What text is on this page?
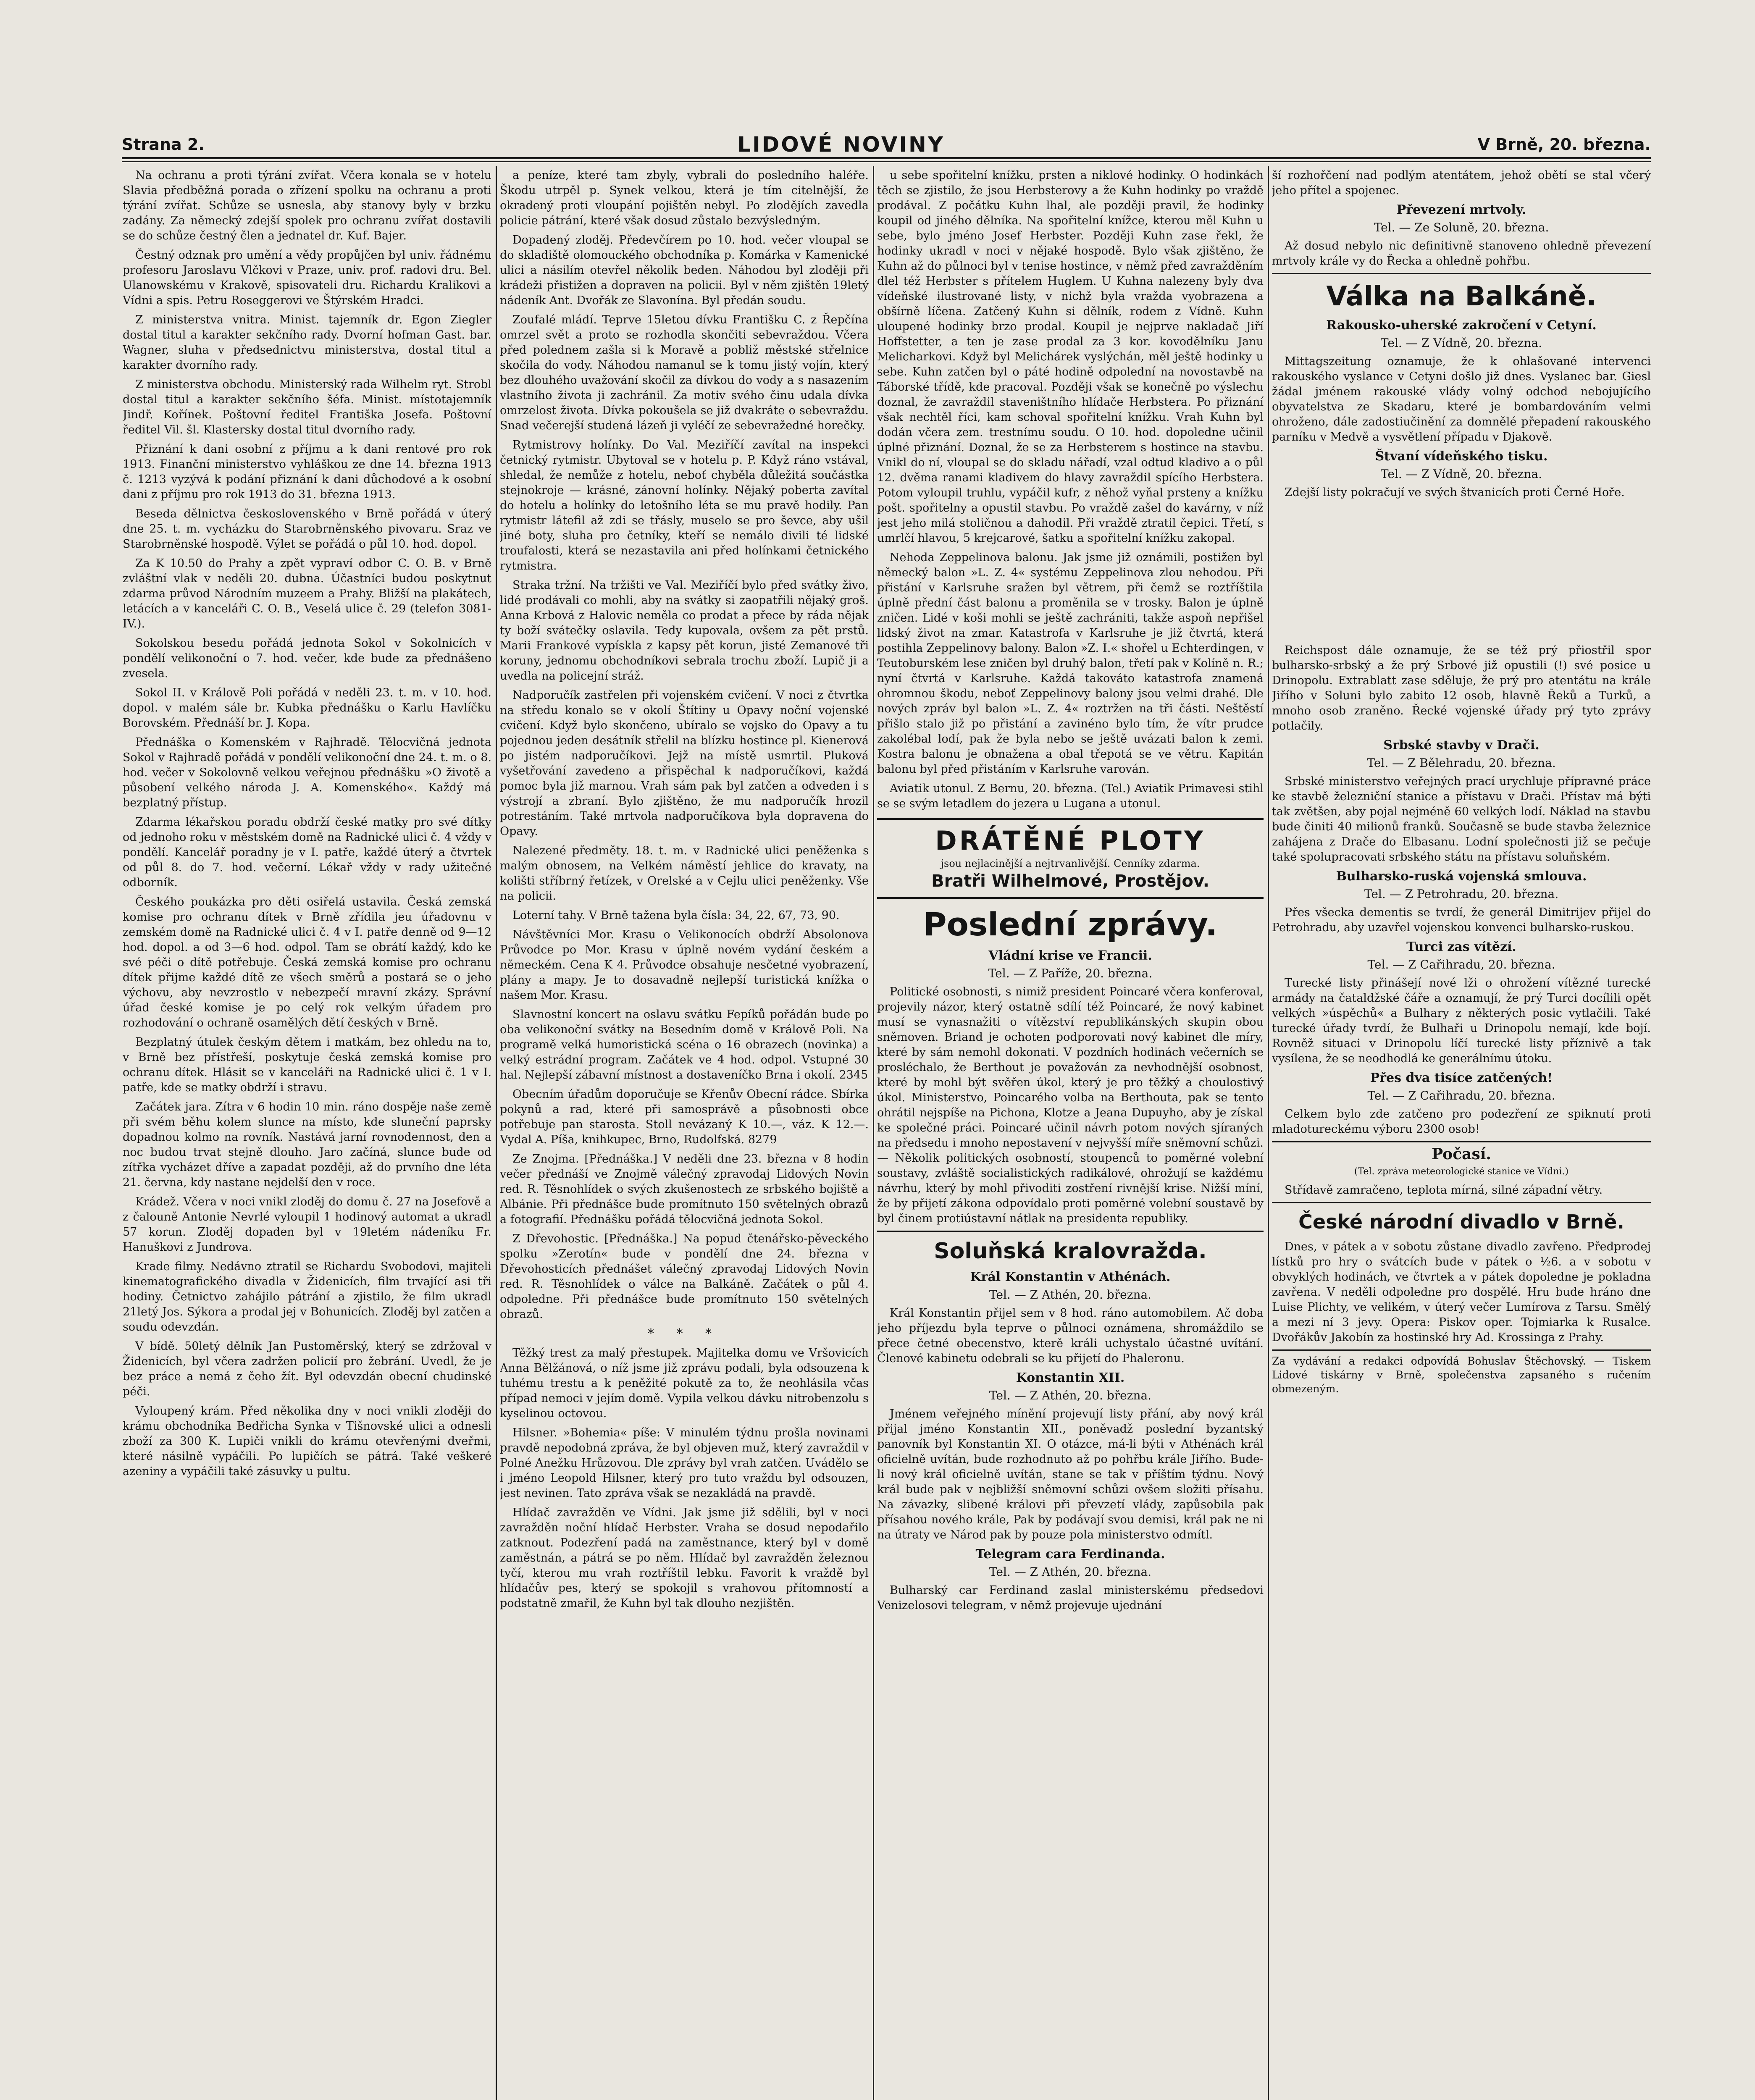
Strana 2.	LIDOVÉ NOVINY	V Brně, 20. března.

Na ochranu a proti týrání zvířat. Včera konala se v hotelu Slavia předběžná porada o zřízení spolku na ochranu a proti týrání zvířat. Schůze se usnesla, aby stanovy byly v brzku zadány. Za německý zdejší spolek pro ochranu zvířat dostavili se do schůze čestný člen a jednatel dr. Kuf. Bajer.

Čestný odznak pro umění a vědy propůjčen byl univ. řádnému profesoru Jaroslavu Vlčkovi v Praze, univ. prof. radovi dru. Bel. Ulanowskému v Krakově, spisovateli dru. Richardu Kralikovi a Vídni a spis. Petru Roseggerovi ve Štýrském Hradci.

Z ministerstva vnitra. Minist. tajemník dr. Egon Ziegler dostal titul a karakter sekčního rady. Dvorní hofman Gast. bar. Wagner, sluha v předsednictvu ministerstva, dostal titul a karakter dvorního rady.

Z ministerstva obchodu. Ministerský rada Wilhelm ryt. Strobl dostal titul a karakter sekčního šéfa. Minist. místotajemník Jindř. Kořínek. Poštovní ředitel Františka Josefa. Poštovní ředitel Vil. šl. Klastersky dostal titul dvorního rady.

Přiznání k dani osobní z příjmu a k dani rentové pro rok 1913. Finanční ministerstvo vyhláškou ze dne 14. března 1913 č. 1213 vyzývá k podání přiznání k dani důchodové a k osobní dani z příjmu pro rok 1913 do 31. března 1913.

Beseda dělnictva československého v Brně pořádá v úterý dne 25. t. m. vycházku do Starobrněnského pivovaru. Sraz ve Starobrněnské hospodě. Výlet se pořádá o půl 10. hod. dopol.

Za K 10.50 do Prahy a zpět vypraví odbor C. O. B. v Brně zvláštní vlak v neděli 20. dubna. Účastníci budou poskytnut zdarma průvod Národním muzeem a Prahy. Bližší na plakátech, letácích a v kanceláři C. O. B., Veselá ulice č. 29 (telefon 3081-IV.).

Sokolskou besedu pořádá jednota Sokol v Sokolnicích v pondělí velikonoční o 7. hod. večer, kde bude za přednášeno zvesela.

Sokol II. v Králově Poli pořádá v neděli 23. t. m. v 10. hod. dopol. v malém sále br. Kubka přednášku o Karlu Havlíčku Borovském. Přednáší br. J. Kopa.

Přednáška o Komenském v Rajhradě. Tělocvičná jednota Sokol v Rajhradě pořádá v pondělí velikonoční dne 24. t. m. o 8. hod. večer v Sokolovně velkou veřejnou přednášku »O životě a působení velkého národa J. A. Komenského«. Každý má bezplatný přístup.

Zdarma lékařskou poradu obdrží české matky pro své dítky od jednoho roku v městském domě na Radnické ulici č. 4 vždy v pondělí. Kancelář poradny je v I. patře, každé úterý a čtvrtek od půl 8. do 7. hod. večerní. Lékař vždy v rady užitečné odborník.

Českého poukázka pro děti osiřelá ustavila. Česká zemská komise pro ochranu dítek v Brně zřídila jeu úřadovnu v zemském domě na Radnické ulici č. 4 v I. patře denně od 9—12 hod. dopol. a od 3—6 hod. odpol. Tam se obrátí každý, kdo ke své péči o dítě potřebuje. Česká zemská komise pro ochranu dítek přijme každé dítě ze všech směrů a postará se o jeho výchovu, aby nevzrostlo v nebezpečí mravní zkázy. Správní úřad české komise je po celý rok velkým úřadem pro rozhodování o ochraně osamělých dětí českých v Brně.

Bezplatný útulek českým dětem i matkám, bez ohledu na to, v Brně bez přístřeší, poskytuje česká zemská komise pro ochranu dítek. Hlásit se v kanceláři na Radnické ulici č. 1 v I. patře, kde se matky obdrží i stravu.

Začátek jara. Zítra v 6 hodin 10 min. ráno dospěje naše země při svém běhu kolem slunce na místo, kde sluneční paprsky dopadnou kolmo na rovník. Nastává jarní rovnodennost, den a noc budou trvat stejně dlouho. Jaro začíná, slunce bude od zítřka vycházet dříve a zapadat později, až do prvního dne léta 21. června, kdy nastane nejdelší den v roce.

Krádež. Včera v noci vnikl zloděj do domu č. 27 na Josefově a z čalouně Antonie Nevrlé vyloupil 1 hodinový automat a ukradl 57 korun. Zloděj dopaden byl v 19letém nádeníku Fr. Hanuškovi z Jundrova.

Krade filmy. Nedávno ztratil se Richardu Svobodovi, majiteli kinematografického divadla v Židenicích, film trvající asi tři hodiny. Četnictvo zahájilo pátrání a zjistilo, že film ukradl 21letý Jos. Sýkora a prodal jej v Bohunicích. Zloděj byl zatčen a soudu odevzdán.

V bídě. 50letý dělník Jan Pustoměrský, který se zdržoval v Židenicích, byl včera zadržen policií pro žebrání. Uvedl, že je bez práce a nemá z čeho žít. Byl odevzdán obecní chudinské péči.

Vyloupený krám. Před několika dny v noci vnikli zloději do krámu obchodníka Bedřicha Synka v Tišnovské ulici a odnesli zboží za 300 K. Lupiči vnikli do krámu otevřenými dveřmi, které násilně vypáčili. Po lupičích se pátrá. Také veškeré azeniny a vypáčili také zásuvky u pultu.

a peníze, které tam zbyly, vybrali do posledního haléře. Škodu utrpěl p. Synek velkou, která je tím citelnější, že okradený proti vloupání pojištěn nebyl. Po zlodějích zavedla policie pátrání, které však dosud zůstalo bezvýsledným.

Dopadený zloděj. Předevčírem po 10. hod. večer vloupal se do skladiště olomouckého obchodníka p. Komárka v Kamenické ulici a násilím otevřel několik beden. Náhodou byl zloději při krádeži přistižen a dopraven na policii. Byl v něm zjištěn 19letý nádeník Ant. Dvořák ze Slavonína. Byl předán soudu.

Zoufalé mládí. Teprve 15letou dívku Františku C. z Řepčína omrzel svět a proto se rozhodla skončiti sebevraždou. Včera před polednem zašla si k Moravě a pobliž městské střelnice skočila do vody. Náhodou namanul se k tomu jistý vojín, který bez dlouhého uvažování skočil za dívkou do vody a s nasazením vlastního života ji zachránil. Za motiv svého činu udala dívka omrzelost života. Dívka pokoušela se již dvakráte o sebevraždu. Snad večerejší studená lázeň ji vyléčí ze sebevražedné horečky.

Rytmistrovy holínky. Do Val. Meziříčí zavítal na inspekci četnický rytmistr. Ubytoval se v hotelu p. P. Když ráno vstával, shledal, že nemůže z hotelu, neboť chyběla důležitá součástka stejnokroje — krásné, zánovní holínky. Nějaký poberta zavítal do hotelu a holínky do letošního léta se mu pravě hodily. Pan rytmistr látefil až zdi se třásly, muselo se pro ševce, aby ušil jiné boty, sluha pro četníky, kteří se nemálo divili té lidské troufalosti, která se nezastavila ani před holínkami četnického rytmistra.

Straka tržní. Na tržišti ve Val. Meziříčí bylo před svátky živo, lidé prodávali co mohli, aby na svátky si zaopatřili nějaký groš. Anna Krbová z Halovic neměla co prodat a přece by ráda nějak ty boží svátečky oslavila. Tedy kupovala, ovšem za pět prstů. Marii Frankové vypískla z kapsy pět korun, jisté Zemanové tři koruny, jednomu obchodníkovi sebrala trochu zboží. Lupič ji a uvedla na policejní stráž.

Nadporučík zastřelen při vojenském cvičení. V noci z čtvrtka na středu konalo se v okolí Štítiny u Opavy noční vojenské cvičení. Když bylo skončeno, ubíralo se vojsko do Opavy a tu pojednou jeden desátník střelil na blízku hostince pl. Kienerová po jistém nadporučíkovi. Jejž na místě usmrtil. Pluková vyšetřování zavedeno a přispěchal k nadporučíkovi, každá pomoc byla již marnou. Vrah sám pak byl zatčen a odveden i s výstrojí a zbraní. Bylo zjištěno, že mu nadporučík hrozil potrestáním. Také mrtvola nadporučíkova byla dopravena do Opavy.

Nalezené předměty. 18. t. m. v Radnické ulici peněženka s malým obnosem, na Velkém náměstí jehlice do kravaty, na kolišti stříbrný řetízek, v Orelské a v Cejlu ulici peněženky. Vše na policii.

Loterní tahy. V Brně tažena byla čísla: 34, 22, 67, 73, 90.

Návštěvníci Mor. Krasu o Velikonocích obdrží Absolonova Průvodce po Mor. Krasu v úplně novém vydání českém a německém. Cena K 4. Průvodce obsahuje nesčetné vyobrazení, plány a mapy. Je to dosavadně nejlepší turistická knížka o našem Mor. Krasu.

Slavnostní koncert na oslavu svátku Fepíků pořádán bude po oba velikonoční svátky na Besedním domě v Králově Poli. Na programě velká humoristická scéna o 16 obrazech (novinka) a velký estrádní program. Začátek ve 4 hod. odpol. Vstupné 30 hal. Nejlepší zábavní místnost a dostaveníčko Brna i okolí. 2345

Obecním úřadům doporučuje se Křenův Obecní rádce. Sbírka pokynů a rad, které při samosprávě a působnosti obce potřebuje pan starosta. Stoll nevázaný K 10.—, váz. K 12.—. Vydal A. Píša, knihkupec, Brno, Rudolfská. 8279

Ze Znojma. [Přednáška.] V neděli dne 23. března v 8 hodin večer přednáší ve Znojmě válečný zpravodaj Lidových Novin red. R. Těsnohlídek o svých zkušenostech ze srbského bojiště a Albánie. Při přednášce bude promítnuto 150 světelných obrazů a fotografií. Přednášku pořádá tělocvičná jednota Sokol.

Z Dřevohostic. [Přednáška.] Na popud čtenářsko-pěveckého spolku »Zerotín« bude v pondělí dne 24. března v Dřevohosticích přednášet válečný zpravodaj Lidových Novin red. R. Těsnohlídek o válce na Balkáně. Začátek o půl 4. odpoledne. Při přednášce bude promítnuto 150 světelných obrazů.

* * *

Těžký trest za malý přestupek. Majitelka domu ve Vršovicích Anna Bělžánová, o níž jsme již zprávu podali, byla odsouzena k tuhému trestu a k peněžité pokutě za to, že neohlásila včas případ nemoci v jejím domě. Vypila velkou dávku nitrobenzolu s kyselinou octovou.

Hilsner. »Bohemia« píše: V minulém týdnu prošla novinami pravdě nepodobná zpráva, že byl objeven muž, který zavraždil v Polné Anežku Hrůzovou. Dle zprávy byl vrah zatčen. Uvádělo se i jméno Leopold Hilsner, který pro tuto vraždu byl odsouzen, jest nevinen. Tato zpráva však se nezakládá na pravdě.

Hlídač zavražděn ve Vídni. Jak jsme již sdělili, byl v noci zavražděn noční hlídač Herbster. Vraha se dosud nepodařilo zatknout. Podezření padá na zaměstnance, který byl v domě zaměstnán, a pátrá se po něm. Hlídač byl zavražděn železnou tyčí, kterou mu vrah roztříštil lebku. Favorit k vraždě byl hlídačův pes, který se spokojil s vrahovou přítomností a podstatně zmařil, že Kuhn byl tak dlouho nezjištěn.

u sebe spořitelní knížku, prsten a niklové hodinky. O hodinkách těch se zjistilo, že jsou Herbsterovy a že Kuhn hodinky po vraždě prodával. Z počátku Kuhn lhal, ale později pravil, že hodinky koupil od jiného dělníka. Na spořitelní knížce, kterou měl Kuhn u sebe, bylo jméno Josef Herbster. Později Kuhn zase řekl, že hodinky ukradl v noci v nějaké hospodě. Bylo však zjištěno, že Kuhn až do půlnoci byl v tenise hostince, v němž před zavražděním dlel též Herbster s přítelem Huglem. U Kuhna nalezeny byly dva vídeňské ilustrované listy, v nichž byla vražda vyobrazena a obšírně líčena. Zatčený Kuhn si dělník, rodem z Vídně. Kuhn uloupené hodinky brzo prodal. Koupil je nejprve nakladač Jiří Hoffstetter, a ten je zase prodal za 3 kor. kovodělníku Janu Melicharkovi. Když byl Melichárek vyslýchán, měl ještě hodinky u sebe. Kuhn zatčen byl o páté hodině odpolední na novostavbě na Táborské třídě, kde pracoval. Později však se konečně po výslechu doznal, že zavraždil staveništního hlídače Herbstera. Po přiznání však nechtěl říci, kam schoval spořitelní knížku. Vrah Kuhn byl dodán včera zem. trestnímu soudu. O 10. hod. dopoledne učinil úplné přiznání. Doznal, že se za Herbsterem s hostince na stavbu. Vnikl do ní, vloupal se do skladu nářadí, vzal odtud kladivo a o půl 12. dvěma ranami kladivem do hlavy zavraždil spícího Herbstera. Potom vyloupil truhlu, vypáčil kufr, z něhož vyňal prsteny a knížku pošt. spořitelny a opustil stavbu. Po vraždě zašel do kavárny, v níž jest jeho milá stoličnou a dahodil. Při vraždě ztratil čepici. Třetí, s umrlčí hlavou, 5 krejcarové, šatku a spořitelní knížku zakopal.

Nehoda Zeppelinova balonu. Jak jsme již oznámili, postižen byl německý balon »L. Z. 4« systému Zeppelinova zlou nehodou. Při přistání v Karlsruhe sražen byl větrem, při čemž se roztříštila úplně přední část balonu a proměnila se v trosky. Balon je úplně zničen. Lidé v koši mohli se ještě zachrániti, takže aspoň nepřišel lidský život na zmar. Katastrofa v Karlsruhe je již čtvrtá, která postihla Zeppelinovy balony. Balon »Z. I.« shořel u Echterdingen, v Teutoburském lese zničen byl druhý balon, třetí pak v Kolíně n. R.; nyní čtvrtá v Karlsruhe. Každá takováto katastrofa znamená ohromnou škodu, neboť Zeppelinovy balony jsou velmi drahé. Dle nových zpráv byl balon »L. Z. 4« roztržen na tři části. Neštěstí přišlo stalo již po přistání a zavinéno bylo tím, že vítr prudce zakolébal lodí, pak že byla nebo se ještě uvázati balon k zemi. Kostra balonu je obnažena a obal třepotá se ve větru. Kapitán balonu byl před přistáním v Karlsruhe varován.

Aviatik utonul. Z Bernu, 20. března. (Tel.) Aviatik Primavesi stihl se se svým letadlem do jezera u Lugana a utonul.

DRÁTĚNÉ PLOTY
jsou nejlacinější a nejtrvanlivější. Cenníky zdarma.
Bratři Wilhelmové, Prostějov.
Poslední zprávy.
Vládní krise ve Francii.
Tel. — Z Paříže, 20. března.

Politické osobnosti, s nimiž president Poincaré včera konferoval, projevily názor, který ostatně sdílí též Poincaré, že nový kabinet musí se vynasnažiti o vítězství republikánských skupin obou sněmoven. Briand je ochoten podporovati nový kabinet dle míry, které by sám nemohl dokonati. V pozdních hodinách večerních se prosléchalo, že Berthout je považován za nevhodnější osobnost, které by mohl být svěřen úkol, který je pro těžký a choulostivý úkol. Ministerstvo, Poincarého volba na Berthouta, pak se tento ohrátil nejspíše na Pichona, Klotze a Jeana Dupuyho, aby je získal ke společné práci. Poincaré učinil návrh potom nových sjíraných na předsedu i mnoho nepostavení v nejvyšší míře sněmovní schůzi. — Několik politických osobností, stoupenců to poměrné volební soustavy, zvláště socialistických radikálové, ohrožují se každému návrhu, který by mohl přivoditi zostření rivnější krise. Nižší míní, že by přijetí zákona odpovídalo proti poměrné volební soustavě by byl činem protiústavní nátlak na presidenta republiky.

Soluňská kralovražda.
Král Konstantin v Athénách.
Tel. — Z Athén, 20. března.

Král Konstantin přijel sem v 8 hod. ráno automobilem. Ač doba jeho příjezdu byla teprve o půlnoci oznámena, shromáždilo se přece četné obecenstvo, kterě králi uchystalo účastné uvítání. Členové kabinetu odebrali se ku přijetí do Phaleronu.

Konstantin XII.
Tel. — Z Athén, 20. března.

Jménem veřejného mínění projevují listy přání, aby nový král přijal jméno Konstantin XII., poněvadž poslední byzantský panovník byl Konstantin XI. O otázce, má-li býti v Athénách král oficielně uvítán, bude rozhodnuto až po pohřbu krále Jiřího. Bude-li nový král oficielně uvítán, stane se tak v příštím týdnu. Nový král bude pak v nejbližší sněmovní schůzi ovšem složiti přísahu. Na závazky, slibené královi při převzetí vlády, zapůsobila pak přísahou nového krále, Pak by podávají svou demisi, král pak ne ni na útraty ve Národ pak by pouze pola ministerstvo odmítl.

Telegram cara Ferdinanda.
Tel. — Z Athén, 20. března.

Bulharský car Ferdinand zaslal ministerskému předsedovi Venizelosovi telegram, v němž projevuje ujednání

ší rozhořčení nad podlým atentátem, jehož obětí se stal včerý jeho přítel a spojenec.

Převezení mrtvoly.
Tel. — Ze Soluně, 20. března.

Až dosud nebylo nic definitivně stanoveno ohledně převezení mrtvoly krále vy do Řecka a ohledně pohřbu.

Válka na Balkáně.
Rakousko-uherské zakročení v Cetyní.
Tel. — Z Vídně, 20. března.

Mittagszeitung oznamuje, že k ohlašované intervenci rakouského vyslance v Cetyni došlo již dnes. Vyslanec bar. Giesl žádal jménem rakouské vlády volný odchod nebojujícího obyvatelstva ze Skadaru, které je bombardováním velmi ohroženo, dále zadostiučinění za domnělé přepadení rakouského parníku v Medvě a vysvětlení případu v Djakově.

Štvaní vídeňského tisku.
Tel. — Z Vídně, 20. března.

Zdejší listy pokračují ve svých štvanicích proti Černé Hoře.

Reichspost dále oznamuje, že se též prý přiostřil spor bulharsko-srbský a že prý Srbové již opustili (!) své posice u Drinopolu. Extrablatt zase sděluje, že prý pro atentátu na krále Jiřího v Soluni bylo zabito 12 osob, hlavně Řeků a Turků, a mnoho osob zraněno. Řecké vojenské úřady prý tyto zprávy potlačily.

Srbské stavby v Drači.
Tel. — Z Bělehradu, 20. března.

Srbské ministerstvo veřejných prací urychluje přípravné práce ke stavbě železniční stanice a přístavu v Drači. Přístav má býti tak zvětšen, aby pojal nejméně 60 velkých lodí. Náklad na stavbu bude činiti 40 milionů franků. Současně se bude stavba železnice zahájena z Drače do Elbasanu. Lodní společnosti již se pečuje také spolupracovati srbského státu na přístavu soluňském.

Bulharsko-ruská vojenská smlouva.
Tel. — Z Petrohradu, 20. března.

Přes všecka dementis se tvrdí, že generál Dimitrijev přijel do Petrohradu, aby uzavřel vojenskou konvenci bulharsko-ruskou.

Turci zas vítězí.
Tel. — Z Cařihradu, 20. března.

Turecké listy přinášejí nové lži o ohrožení vítězné turecké armády na čataldžské čáře a oznamují, že prý Turci docílili opět velkých »úspěchů« a Bulhary z některých posic vytlačili. Také turecké úřady tvrdí, že Bulhaři u Drinopolu nemají, kde bojí. Rovněž situaci v Drinopolu líčí turecké listy příznivě a tak vysílena, že se neodhodlá ke generálnímu útoku.

Přes dva tisíce zatčených!
Tel. — Z Cařihradu, 20. března.

Celkem bylo zde zatčeno pro podezření ze spiknutí proti mladotureckému výboru 2300 osob!

Počasí.
(Tel. zpráva meteorologické stanice ve Vídni.)

Střídavě zamračeno, teplota mírná, silné západní větry.

České národní divadlo v Brně.

Dnes, v pátek a v sobotu zůstane divadlo zavřeno. Předprodej lístků pro hry o svátcích bude v pátek o ½6. a v sobotu v obvyklých hodinách, ve čtvrtek a v pátek dopoledne je pokladna zavřena. V neděli odpoledne pro dospělé. Hru bude hráno dne Luise Plichty, ve velikém, v úterý večer Lumírova z Tarsu. Smělý a mezi ní 3 jevy. Opera: Piskov oper. Tojmiarka k Rusalce. Dvořákův Jakobín za hostinské hry Ad. Krossinga z Prahy.

Za vydávání a redakci odpovídá Bohuslav Štěchovský. — Tiskem Lidové tiskárny v Brně, společenstva zapsaného s ručením obmezeným.
